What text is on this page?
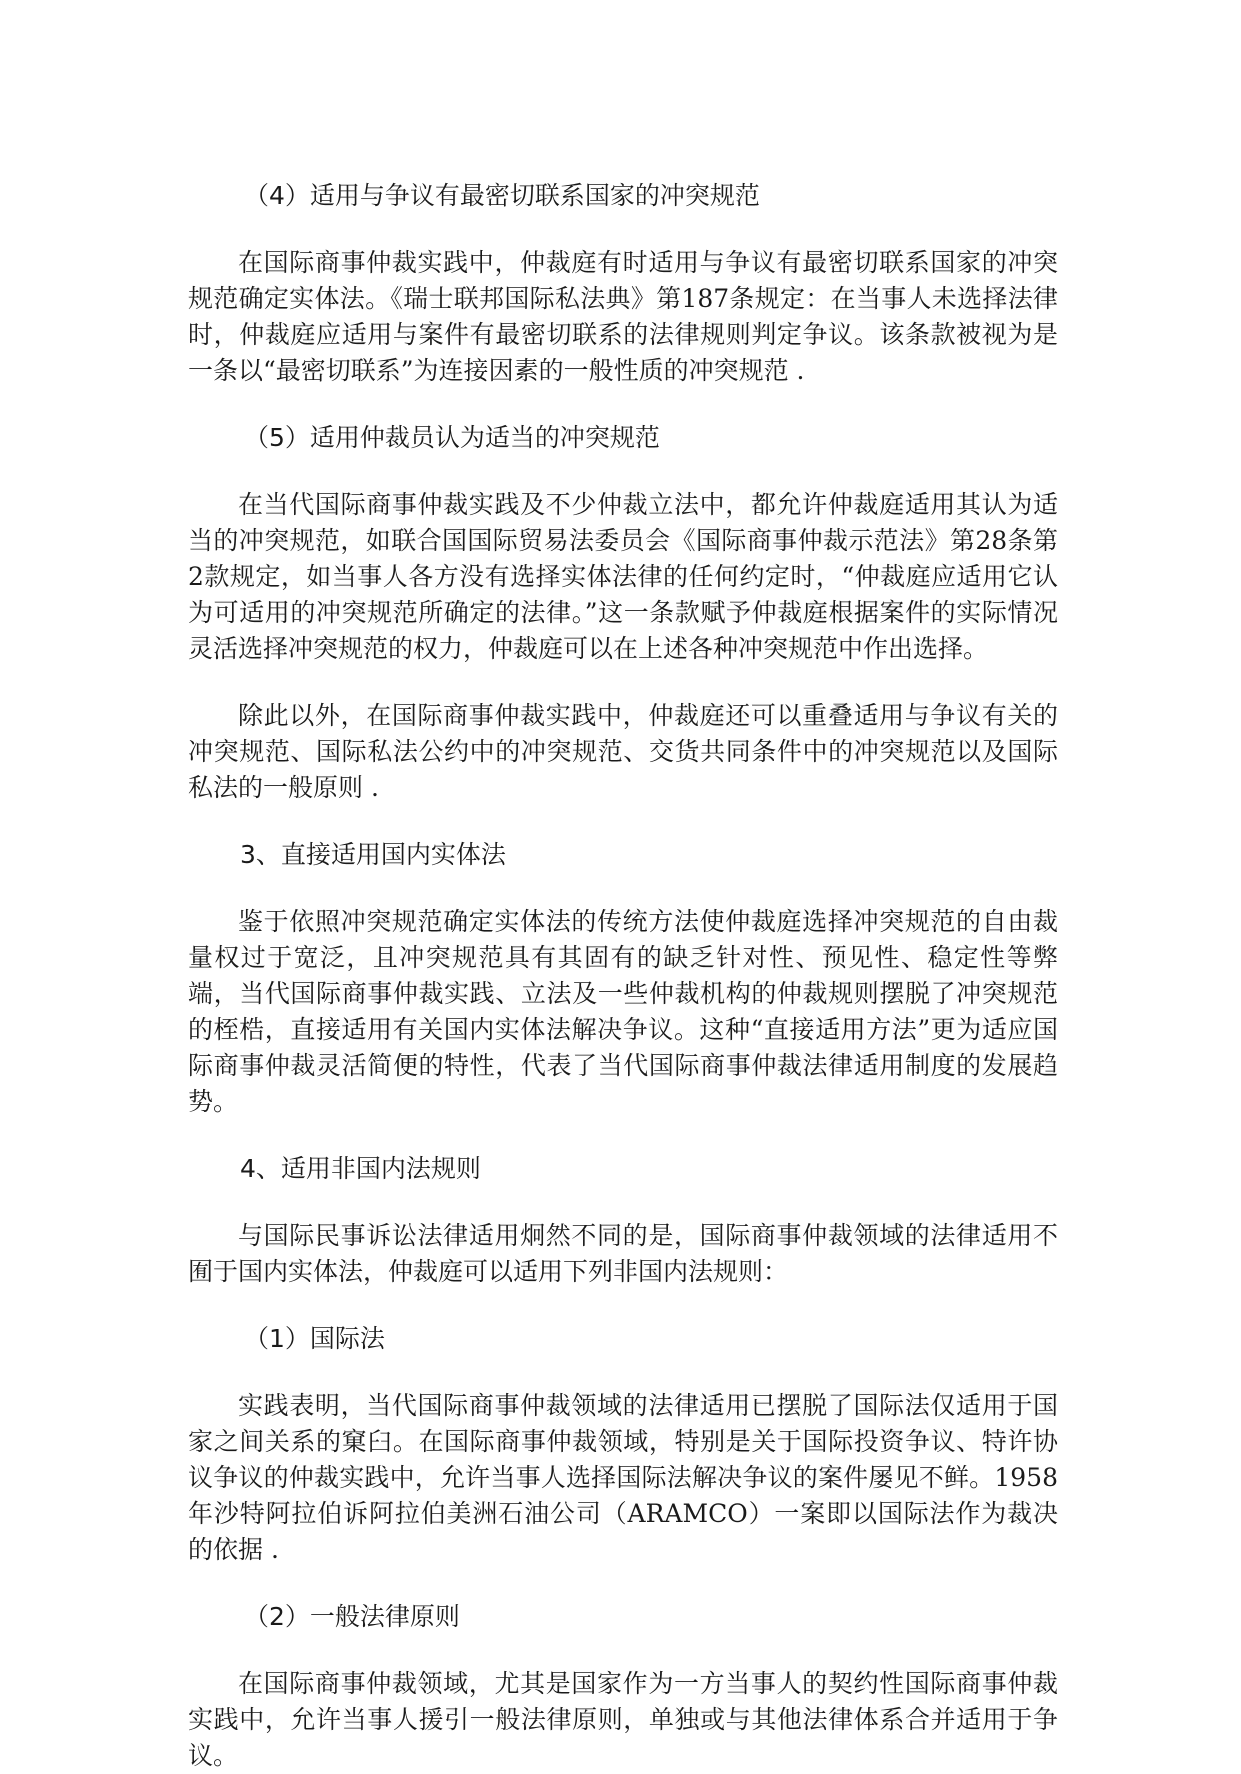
（4）适用与争议有最密切联系国家的冲突规范

在国际商事仲裁实践中，仲裁庭有时适用与争议有最密切联系国家的冲突规范确定实体法。《瑞士联邦国际私法典》第187条规定：在当事人未选择法律时，仲裁庭应适用与案件有最密切联系的法律规则判定争议。该条款被视为是一条以“最密切联系”为连接因素的一般性质的冲突规范 .

（5）适用仲裁员认为适当的冲突规范

在当代国际商事仲裁实践及不少仲裁立法中，都允许仲裁庭适用其认为适当的冲突规范，如联合国国际贸易法委员会《国际商事仲裁示范法》第28条第2款规定，如当事人各方没有选择实体法律的任何约定时，“仲裁庭应适用它认为可适用的冲突规范所确定的法律。”这一条款赋予仲裁庭根据案件的实际情况灵活选择冲突规范的权力，仲裁庭可以在上述各种冲突规范中作出选择。

除此以外，在国际商事仲裁实践中，仲裁庭还可以重叠适用与争议有关的冲突规范、国际私法公约中的冲突规范、交货共同条件中的冲突规范以及国际私法的一般原则 .

3、直接适用国内实体法

鉴于依照冲突规范确定实体法的传统方法使仲裁庭选择冲突规范的自由裁量权过于宽泛，且冲突规范具有其固有的缺乏针对性、预见性、稳定性等弊端，当代国际商事仲裁实践、立法及一些仲裁机构的仲裁规则摆脱了冲突规范的桎梏，直接适用有关国内实体法解决争议。这种“直接适用方法”更为适应国际商事仲裁灵活简便的特性，代表了当代国际商事仲裁法律适用制度的发展趋势。

4、适用非国内法规则

与国际民事诉讼法律适用炯然不同的是，国际商事仲裁领域的法律适用不囿于国内实体法，仲裁庭可以适用下列非国内法规则：

（1）国际法

实践表明，当代国际商事仲裁领域的法律适用已摆脱了国际法仅适用于国家之间关系的窠臼。在国际商事仲裁领域，特别是关于国际投资争议、特许协议争议的仲裁实践中，允许当事人选择国际法解决争议的案件屡见不鲜。1958年沙特阿拉伯诉阿拉伯美洲石油公司（ARAMCO）一案即以国际法作为裁决的依据 .

（2）一般法律原则

在国际商事仲裁领域，尤其是国家作为一方当事人的契约性国际商事仲裁实践中，允许当事人援引一般法律原则，单独或与其他法律体系合并适用于争议。
